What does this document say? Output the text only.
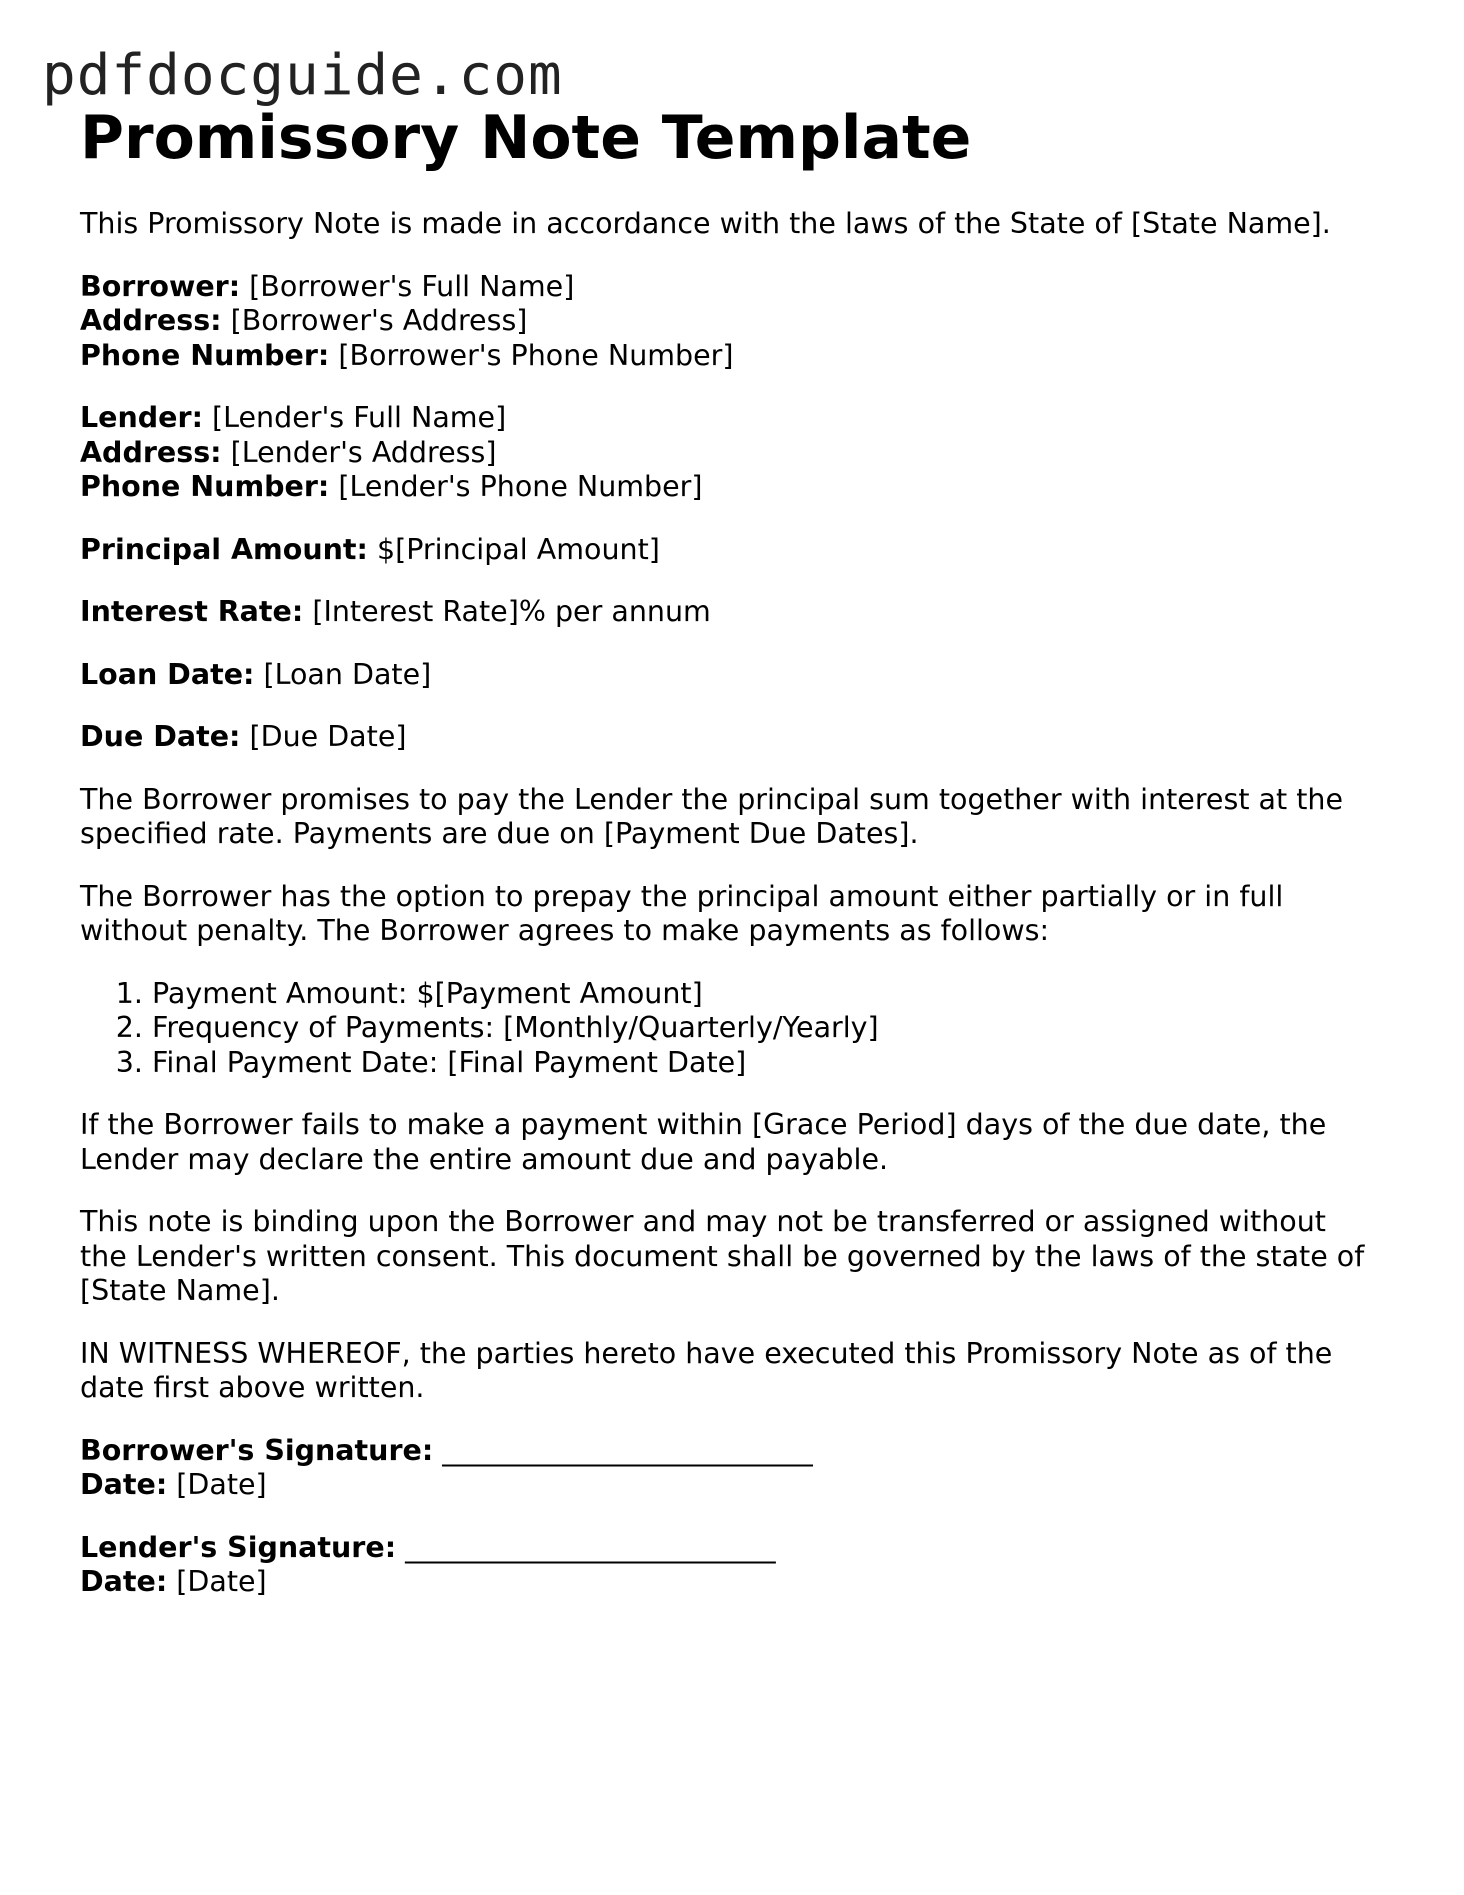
pdfdocguide.com
Promissory Note Template

This Promissory Note is made in accordance with the laws of the State of [State Name].

Borrower: [Borrower's Full Name]
Address: [Borrower's Address]
Phone Number: [Borrower's Phone Number]
Lender: [Lender's Full Name]
Address: [Lender's Address]
Phone Number: [Lender's Phone Number]

Principal Amount: $[Principal Amount]

Interest Rate: [Interest Rate]% per annum

Loan Date: [Loan Date]

Due Date: [Due Date]

The Borrower promises to pay the Lender the principal sum together with interest at the specified rate. Payments are due on [Payment Due Dates].

The Borrower has the option to prepay the principal amount either partially or in full without penalty. The Borrower agrees to make payments as follows:

1. Payment Amount: $[Payment Amount]
2. Frequency of Payments: [Monthly/Quarterly/Yearly]
3. Final Payment Date: [Final Payment Date]

If the Borrower fails to make a payment within [Grace Period] days of the due date, the Lender may declare the entire amount due and payable.

This note is binding upon the Borrower and may not be transferred or assigned without the Lender's written consent. This document shall be governed by the laws of the state of [State Name].

IN WITNESS WHEREOF, the parties hereto have executed this Promissory Note as of the date first above written.

Borrower's Signature: __________________________
Date: [Date]
Lender's Signature: __________________________
Date: [Date]
